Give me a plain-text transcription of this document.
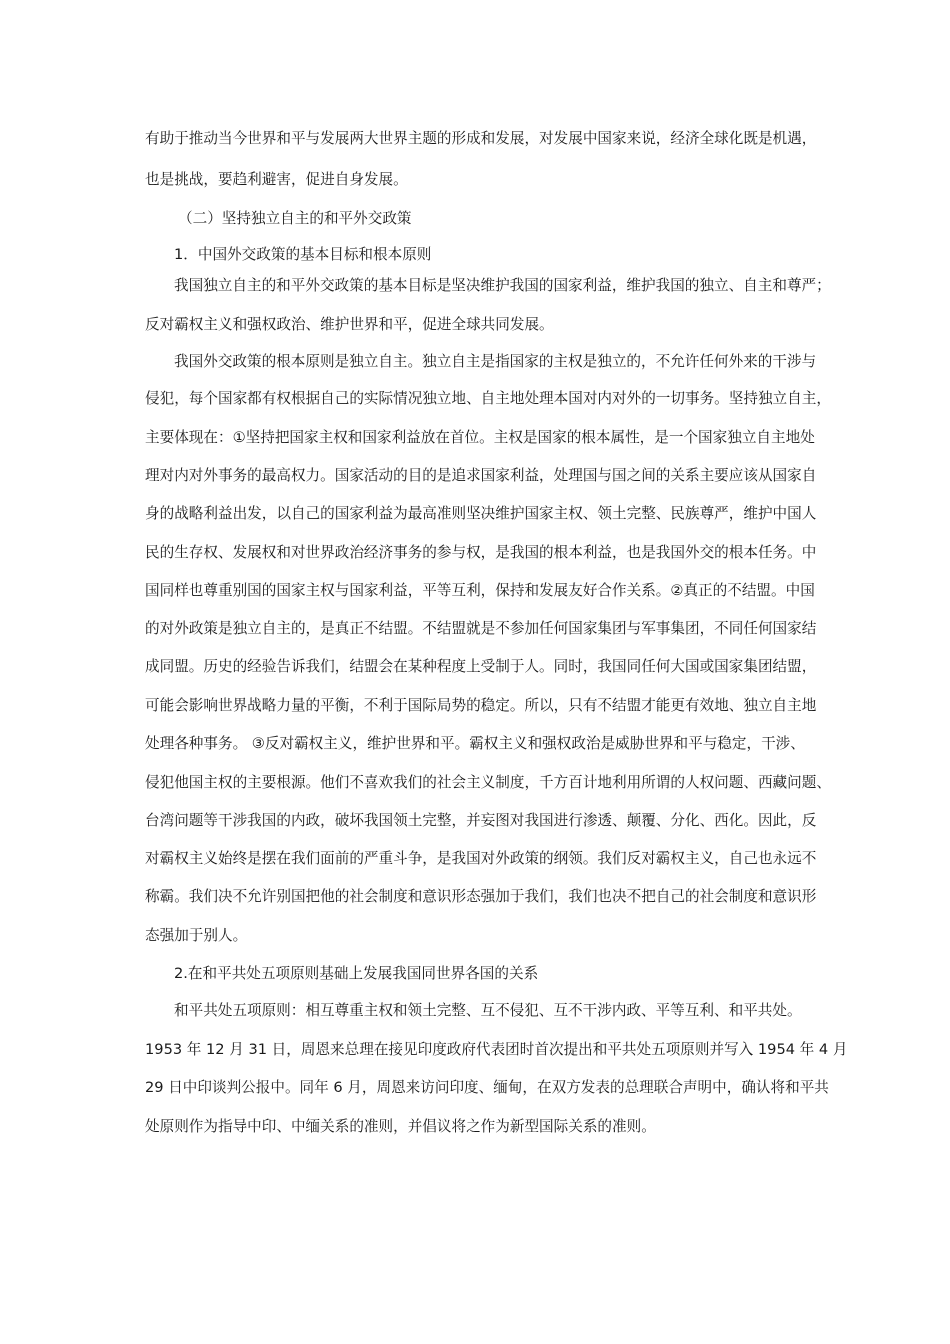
有助于推动当今世界和平与发展两大世界主题的形成和发展，对发展中国家来说，经济全球化既是机遇，
也是挑战，要趋利避害，促进自身发展。
（二）坚持独立自主的和平外交政策
1．中国外交政策的基本目标和根本原则
我国独立自主的和平外交政策的基本目标是坚决维护我国的国家利益，维护我国的独立、自主和尊严；
反对霸权主义和强权政治、维护世界和平，促进全球共同发展。
我国外交政策的根本原则是独立自主。独立自主是指国家的主权是独立的，不允许任何外来的干涉与
侵犯，每个国家都有权根据自己的实际情况独立地、自主地处理本国对内对外的一切事务。坚持独立自主，
主要体现在：①坚持把国家主权和国家利益放在首位。主权是国家的根本属性，是一个国家独立自主地处
理对内对外事务的最高权力。国家活动的目的是追求国家利益，处理国与国之间的关系主要应该从国家自
身的战略利益出发，以自己的国家利益为最高准则坚决维护国家主权、领土完整、民族尊严，维护中国人
民的生存权、发展权和对世界政治经济事务的参与权，是我国的根本利益，也是我国外交的根本任务。中
国同样也尊重别国的国家主权与国家利益，平等互利，保持和发展友好合作关系。②真正的不结盟。中国
的对外政策是独立自主的，是真正不结盟。不结盟就是不参加任何国家集团与军事集团，不同任何国家结
成同盟。历史的经验告诉我们，结盟会在某种程度上受制于人。同时，我国同任何大国或国家集团结盟，
可能会影响世界战略力量的平衡，不利于国际局势的稳定。所以，只有不结盟才能更有效地、独立自主地
处理各种事务。 ③反对霸权主义，维护世界和平。霸权主义和强权政治是威胁世界和平与稳定，干涉、
侵犯他国主权的主要根源。他们不喜欢我们的社会主义制度，千方百计地利用所谓的人权问题、西藏问题、
台湾问题等干涉我国的内政，破坏我国领土完整，并妄图对我国进行渗透、颠覆、分化、西化。因此，反
对霸权主义始终是摆在我们面前的严重斗争，是我国对外政策的纲领。我们反对霸权主义，自己也永远不
称霸。我们决不允许别国把他的社会制度和意识形态强加于我们，我们也决不把自己的社会制度和意识形
态强加于别人。
2.在和平共处五项原则基础上发展我国同世界各国的关系
和平共处五项原则：相互尊重主权和领土完整、互不侵犯、互不干涉内政、平等互利、和平共处。
1953 年 12 月 31 日，周恩来总理在接见印度政府代表团时首次提出和平共处五项原则并写入 1954 年 4 月
29 日中印谈判公报中。同年 6 月，周恩来访问印度、缅甸，在双方发表的总理联合声明中，确认将和平共
处原则作为指导中印、中缅关系的准则，并倡议将之作为新型国际关系的准则。
